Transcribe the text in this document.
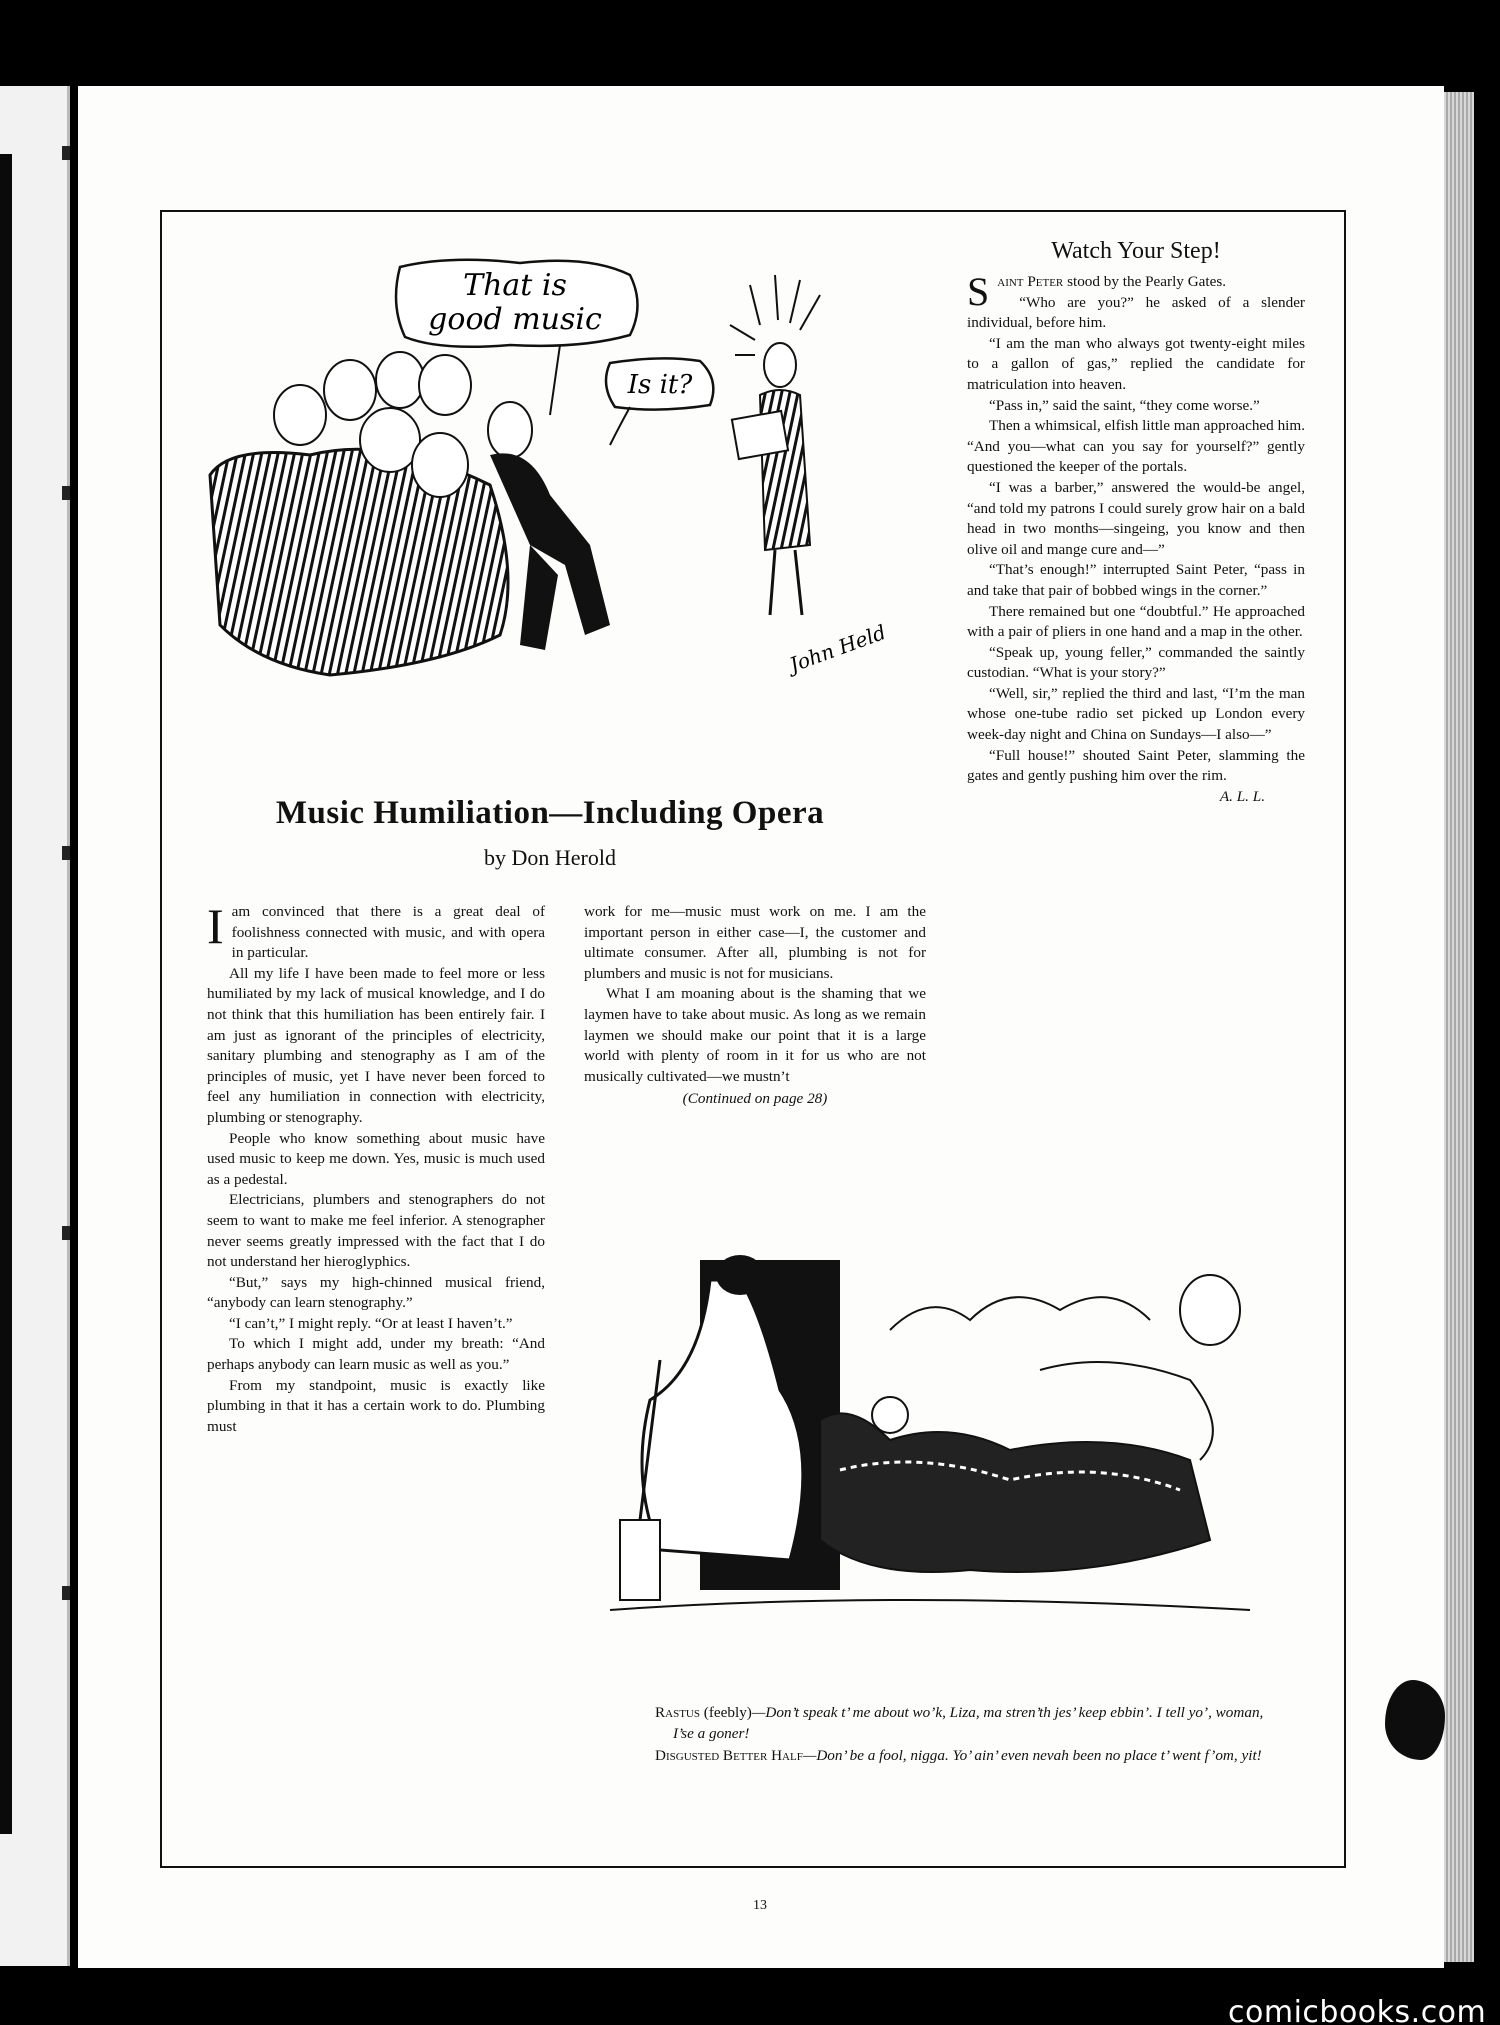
That is good music
Is it?
John Held
Music Humiliation—Including Opera
by Don Herold

Iam convinced that there is a great deal of foolishness connected with music, and with opera in particular.

All my life I have been made to feel more or less humiliated by my lack of musical knowledge, and I do not think that this humiliation has been entirely fair. I am just as ignorant of the principles of electricity, sanitary plumbing and stenography as I am of the principles of music, yet I have never been forced to feel any humiliation in connection with electricity, plumbing or stenography.

People who know something about music have used music to keep me down. Yes, music is much used as a pedestal.

Electricians, plumbers and stenographers do not seem to want to make me feel inferior. A stenographer never seems greatly impressed with the fact that I do not understand her hieroglyphics.

“But,” says my high-chinned musical friend, “anybody can learn stenography.”

“I can’t,” I might reply. “Or at least I haven’t.”

To which I might add, under my breath: “And perhaps anybody can learn music as well as you.”

From my standpoint, music is exactly like plumbing in that it has a certain work to do. Plumbing must

work for me—music must work on me. I am the important person in either case—I, the customer and ultimate consumer. After all, plumbing is not for plumbers and music is not for musicians.

What I am moaning about is the shaming that we laymen have to take about music. As long as we remain laymen we should make our point that it is a large world with plenty of room in it for us who are not musically cultivated—we mustn’t

(Continued on page 28)

Watch Your Step!

Saint Peter stood by the Pearly Gates.

“Who are you?” he asked of a slender individual, before him.

“I am the man who always got twenty-eight miles to a gallon of gas,” replied the candidate for matriculation into heaven.

“Pass in,” said the saint, “they come worse.”

Then a whimsical, elfish little man approached him. “And you—what can you say for yourself?” gently questioned the keeper of the portals.

“I was a barber,” answered the would-be angel, “and told my patrons I could surely grow hair on a bald head in two months—singeing, you know and then olive oil and mange cure and—”

“That’s enough!” interrupted Saint Peter, “pass in and take that pair of bobbed wings in the corner.”

There remained but one “doubtful.” He approached with a pair of pliers in one hand and a map in the other.

“Speak up, young feller,” commanded the saintly custodian. “What is your story?”

“Well, sir,” replied the third and last, “I’m the man whose one-tube radio set picked up London every week-day night and China on Sundays—I also—”

“Full house!” shouted Saint Peter, slamming the gates and gently pushing him over the rim.

A. L. L.

Rastus (feebly)—Don’t speak t’ me about wo’k, Liza, ma stren’th jes’ keep ebbin’. I tell yo’, woman, I’se a goner!

Disgusted Better Half—Don’ be a fool, nigga. Yo’ ain’ even nevah been no place t’ went f’om, yit!

13
comicbooks.com
